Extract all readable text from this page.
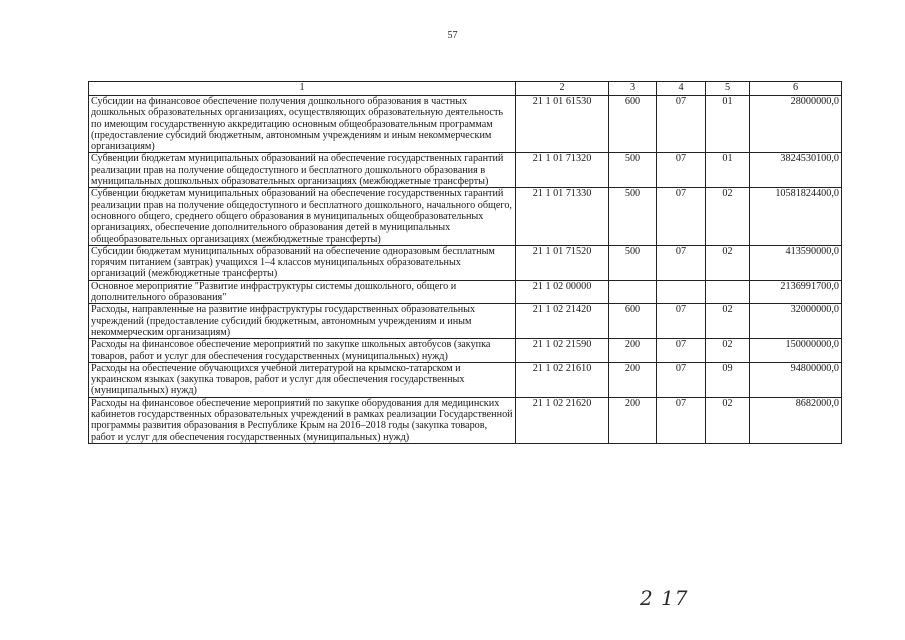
57
1	2	3	4	5	6
Субсидии на финансовое обеспечение получения дошкольного образования в частных дошкольных образовательных организациях, осуществляющих образовательную деятельность по имеющим государственную аккредитацию основным общеобразовательным программам (предоставление субсидий бюджетным, автономным учреждениям и иным некоммерческим организациям)	21 1 01 61530	600	07	01	28000000,0
Субвенции бюджетам муниципальных образований на обеспечение государственных гарантий реализации прав на получение общедоступного и бесплатного дошкольного образования в муниципальных дошкольных образовательных организациях (межбюджетные трансферты)	21 1 01 71320	500	07	01	3824530100,0
Субвенции бюджетам муниципальных образований на обеспечение государственных гарантий реализации прав на получение общедоступного и бесплатного дошкольного, начального общего, основного общего, среднего общего образования в муниципальных общеобразовательных организациях, обеспечение дополнительного образования детей в муниципальных общеобразовательных организациях (межбюджетные трансферты)	21 1 01 71330	500	07	02	10581824400,0
Субсидии бюджетам муниципальных образований на обеспечение одноразовым бесплатным горячим питанием (завтрак) учащихся 1–4 классов муниципальных образовательных организаций (межбюджетные трансферты)	21 1 01 71520	500	07	02	413590000,0
Основное мероприятие "Развитие инфраструктуры системы дошкольного, общего и дополнительного образования"	21 1 02 00000				2136991700,0
Расходы, направленные на развитие инфраструктуры государственных образовательных учреждений (предоставление субсидий бюджетным, автономным учреждениям и иным некоммерческим организациям)	21 1 02 21420	600	07	02	32000000,0
Расходы на финансовое обеспечение мероприятий по закупке школьных автобусов (закупка товаров, работ и услуг для обеспечения государственных (муниципальных) нужд)	21 1 02 21590	200	07	02	150000000,0
Расходы на обеспечение обучающихся учебной литературой на крымско-татарском и украинском языках (закупка товаров, работ и услуг для обеспечения государственных (муниципальных) нужд)	21 1 02 21610	200	07	09	94800000,0
Расходы на финансовое обеспечение мероприятий по закупке оборудования для медицинских кабинетов государственных образовательных учреждений в рамках реализации Государственной программы развития образования в Республике Крым на 2016–2018 годы (закупка товаров, работ и услуг для обеспечения государственных (муниципальных) нужд)	21 1 02 21620	200	07	02	8682000,0
2 17
